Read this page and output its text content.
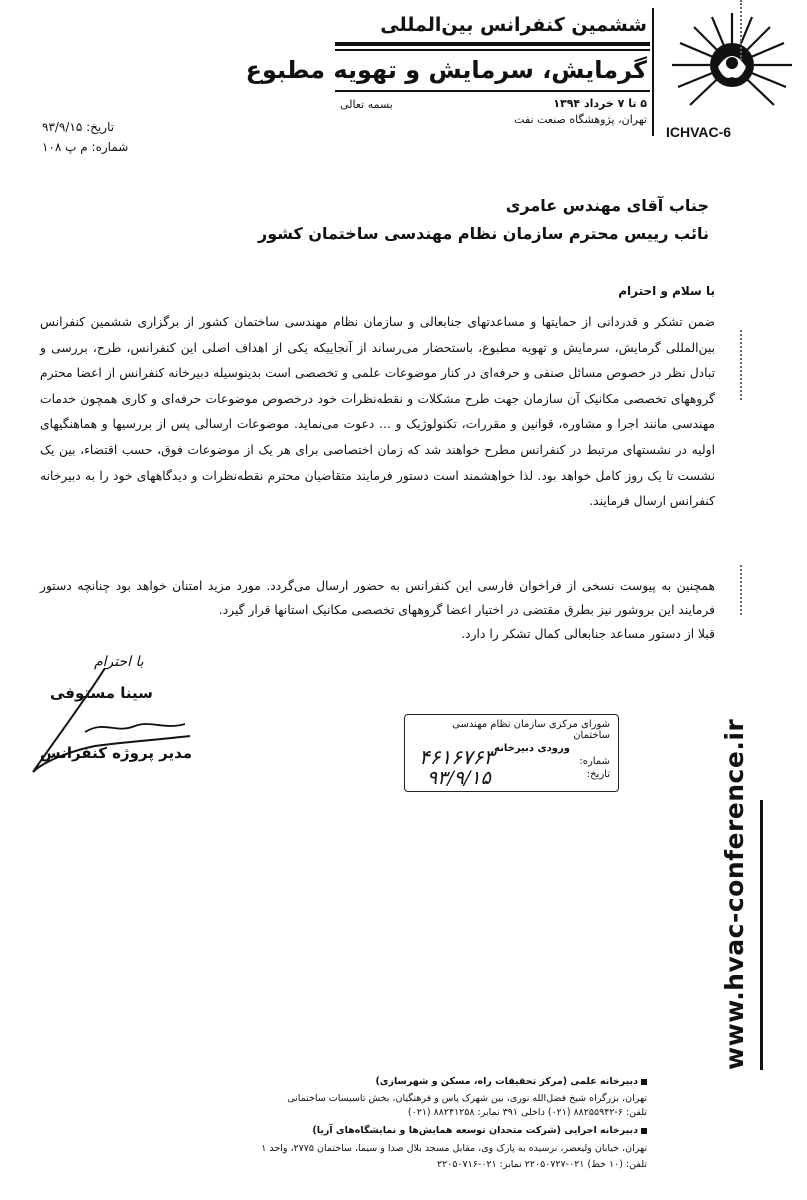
ICHVAC-6
ششمین کنفرانس بین‌المللی
گرمایش، سرمایش و تهویه مطبوع
بسمه تعالی	۵ تا ۷ خرداد ۱۳۹۴
تهران، پژوهشگاه صنعت نفت
تاریخ: ۹۳/۹/۱۵
شماره: م پ ۱۰۸
جناب آقای مهندس عامری
نائب رییس محترم سازمان نظام مهندسی ساختمان کشور
با سلام و احترام
ضمن تشکر و قدردانی از حمایتها و مساعدتهای جنابعالی و سازمان نظام مهندسی ساختمان کشور از برگزاری ششمین کنفرانس بین‌المللی گرمایش، سرمایش و تهویه مطبوع، باستحضار می‌رساند از آنجاییکه یکی از اهداف اصلی این کنفرانس، طرح، بررسی و تبادل نظر در خصوص مسائل صنفی و حرفه‌ای در کنار موضوعات علمی و تخصصی است بدینوسیله دبیرخانه کنفرانس از اعضا محترم گروههای تخصصی مکانیک آن سازمان جهت طرح مشکلات و نقطه‌نظرات خود درخصوص موضوعات حرفه‌ای و کاری همچون خدمات مهندسی مانند اجرا و مشاوره، قوانین و مقررات، تکنولوژیک و ... دعوت می‌نماید. موضوعات ارسالی پس از بررسیها و هماهنگیهای اولیه در نشستهای مرتبط در کنفرانس مطرح خواهند شد که زمان اختصاصی برای هر یک از موضوعات فوق، حسب اقتضاء، بین یک نشست تا یک روز کامل خواهد بود. لذا خواهشمند است دستور فرمایند متقاضیان محترم نقطه‌نظرات و دیدگاههای خود را به دبیرخانه کنفرانس ارسال فرمایند.
همچنین به پیوست نسخی از فراخوان فارسی این کنفرانس به حضور ارسال می‌گردد. مورد مزید امتنان خواهد بود چنانچه دستور فرمایند این بروشور نیز بطرق مقتضی در اختیار اعضا گروههای تخصصی مکانیک استانها قرار گیرد.
قبلا از دستور مساعد جنابعالی کمال تشکر را دارد.
با احترام
سینا مستوفی
مدیر پروژه کنفرانس
شورای مرکزی سازمان نظام مهندسی ساختمان
ورودی دبیرخانه
شماره:
تاریخ:
۴۶۱۶۷۶۳
۹۳/۹/۱۵	www.hvac-conference.ir
دبیرخانه علمی (مرکز تحقیقات راه، مسکن و شهرسازی)
تهران، بزرگراه شیخ فضل‌الله نوری، بین شهرک پاس و فرهنگیان، بخش تاسیسات ساختمانی
تلفن: ۶-۸۸۲۵۵۹۴۲ (۰۲۱) داخلی ۳۹۱ نمابر: ۸۸۲۴۱۲۵۸ (۰۲۱)
دبیرخانه اجرایی (شرکت متحدان توسعه همایش‌ها و نمایشگاه‌های آریا)
تهران، خیابان ولیعصر، نرسیده به پارک وی، مقابل مسجد بلال صدا و سیما، ساختمان ۲۷۷۵، واحد ۱
تلفن: (۱۰ خط) ۰۲۱-۲۲۰۵۰۷۲۷ نمابر: ۰۲۱-۲۲۰۵۰۷۱۶
